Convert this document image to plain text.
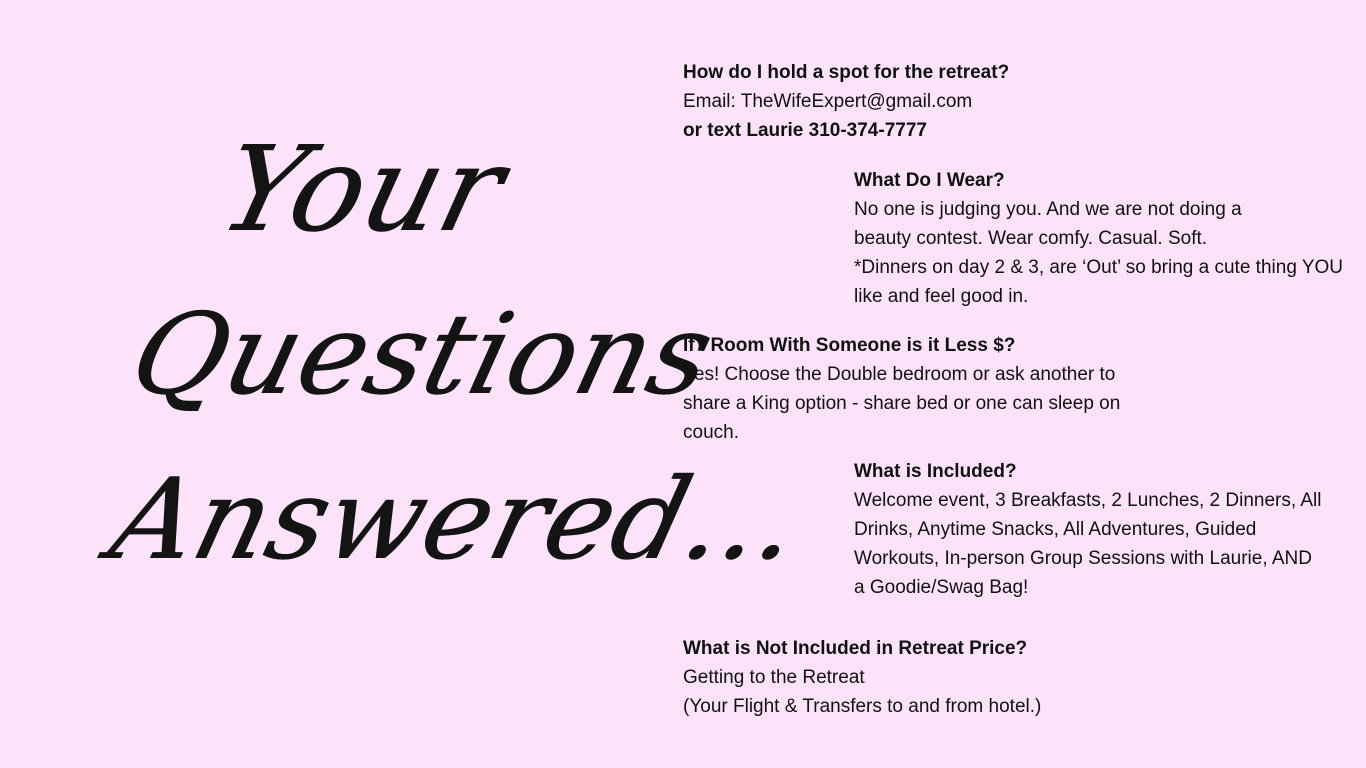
Your
Questions
Answered...
How do I hold a spot for the retreat?
Email: TheWifeExpert@gmail.com
or text Laurie 310-374-7777
What Do I Wear?
No one is judging you. And we are not doing a beauty contest. Wear comfy. Casual. Soft.
*Dinners on day 2 & 3, are ‘Out’ so bring a cute thing YOU like and feel good in.
If I Room With Someone is it Less $?
Yes! Choose the Double bedroom or ask another to share a King option - share bed or one can sleep on couch.
What is Included?
Welcome event, 3 Breakfasts, 2 Lunches, 2 Dinners, All Drinks, Anytime Snacks, All Adventures, Guided Workouts, In-person Group Sessions with Laurie, AND a Goodie/Swag Bag!
What is Not Included in Retreat Price?
Getting to the Retreat
(Your Flight & Transfers to and from hotel.)
